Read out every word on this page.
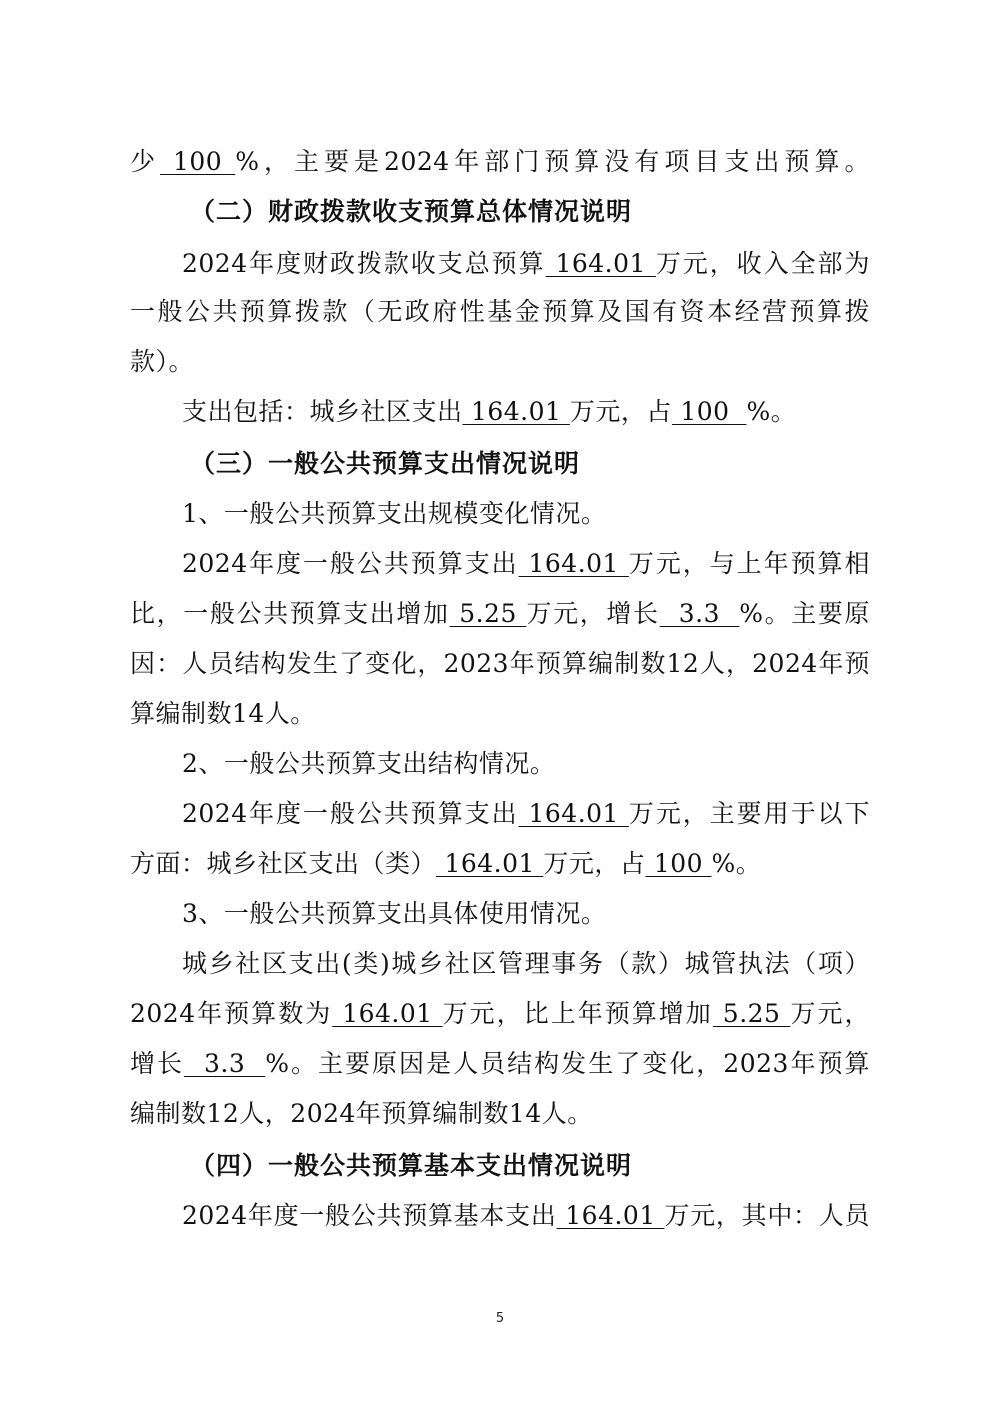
少 100 %，主要是2024年部门预算没有项目支出预算。
（二）财政拨款收支预算总体情况说明
2024年度财政拨款收支总预算 164.01 万元，收入全部为
一般公共预算拨款（无政府性基金预算及国有资本经营预算拨
款）。
支出包括：城乡社区支出 164.01 万元，占 100  %。
（三）一般公共预算支出情况说明
1、一般公共预算支出规模变化情况。
2024年度一般公共预算支出 164.01 万元，与上年预算相
比，一般公共预算支出增加 5.25 万元，增长  3.3  %。主要原
因：人员结构发生了变化，2023年预算编制数12人，2024年预
算编制数14人。
2、一般公共预算支出结构情况。
2024年度一般公共预算支出 164.01 万元，主要用于以下
方面：城乡社区支出（类） 164.01 万元，占 100 %。
3、一般公共预算支出具体使用情况。
城乡社区支出(类)城乡社区管理事务（款）城管执法（项）
2024年预算数为 164.01 万元，比上年预算增加 5.25 万元，
增长  3.3  %。主要原因是人员结构发生了变化，2023年预算
编制数12人，2024年预算编制数14人。
（四）一般公共预算基本支出情况说明
2024年度一般公共预算基本支出 164.01 万元，其中：人员
5
